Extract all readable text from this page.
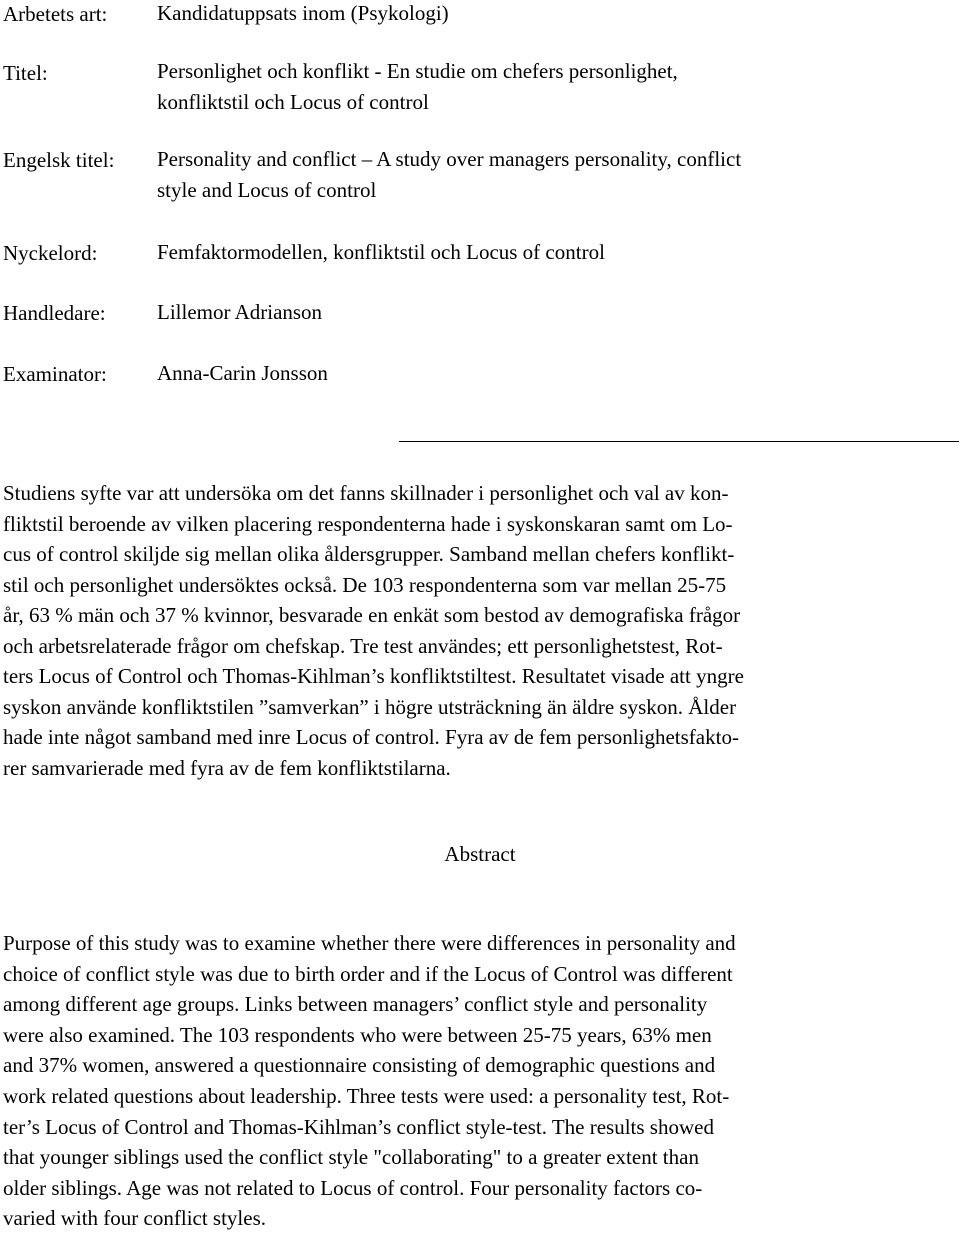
Arbetets art: Kandidatuppsats inom (Psykologi)
Titel:	Personlighet och konflikt - En studie om chefers personlighet,
konfliktstil och Locus of control
Engelsk titel: Personality and conflict – A study over managers personality, conflict
style and Locus of control
Nyckelord:	Femfaktormodellen, konfliktstil och Locus of control
Handledare: Lillemor Adrianson
Examinator: Anna-Carin Jonsson
Studiens syfte var att undersöka om det fanns skillnader i personlighet och val av kon-
fliktstil beroende av vilken placering respondenterna hade i syskonskaran samt om Lo-
cus of control skiljde sig mellan olika åldersgrupper. Samband mellan chefers konflikt-
stil och personlighet undersöktes också. De 103 respondenterna som var mellan 25-75
år, 63 % män och 37 % kvinnor, besvarade en enkät som bestod av demografiska frågor
och arbetsrelaterade frågor om chefskap. Tre test användes; ett personlighetstest, Rot-
ters Locus of Control och Thomas-Kihlman’s konfliktstiltest. Resultatet visade att yngre
syskon använde konfliktstilen ”samverkan” i högre utsträckning än äldre syskon. Ålder
hade inte något samband med inre Locus of control. Fyra av de fem personlighetsfakto-
rer samvarierade med fyra av de fem konfliktstilarna.
Abstract
Purpose of this study was to examine whether there were differences in personality and
choice of conflict style was due to birth order and if the Locus of Control was different
among different age groups. Links between managers’ conflict style and personality
were also examined. The 103 respondents who were between 25-75 years, 63% men
and 37% women, answered a questionnaire consisting of demographic questions and
work related questions about leadership. Three tests were used: a personality test, Rot-
ter’s Locus of Control and Thomas-Kihlman’s conflict style-test. The results showed
that younger siblings used the conflict style "collaborating" to a greater extent than
older siblings. Age was not related to Locus of control. Four personality factors co-
varied with four conflict styles.
